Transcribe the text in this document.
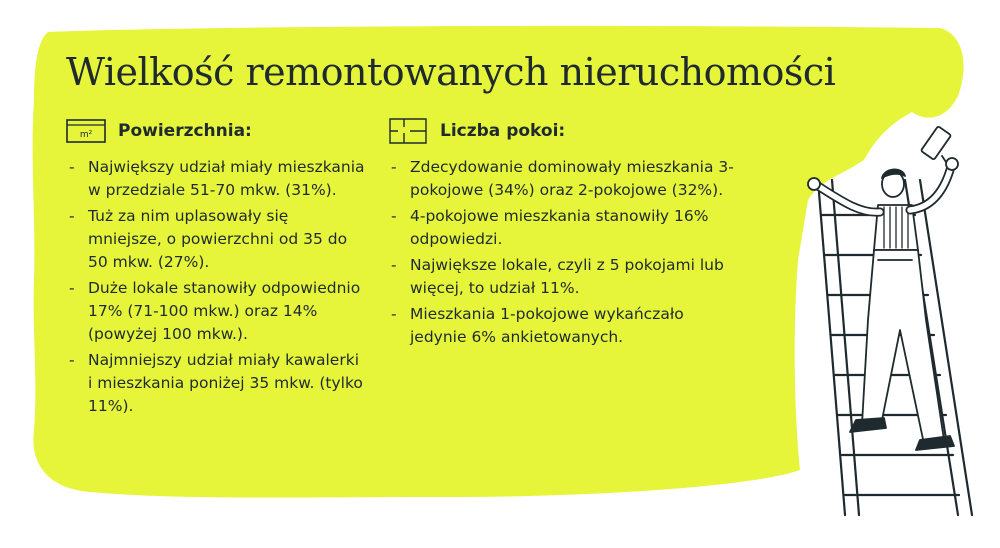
Wielkość remontowanych nieruchomości
m² Powierzchnia:
- Największy udział miały mieszkania w przedziale 51-70 mkw. (31%).
- Tuż za nim uplasowały się mniejsze, o powierzchni od 35 do 50 mkw. (27%).
- Duże lokale stanowiły odpowiednio 17% (71-100 mkw.) oraz 14% (powyżej 100 mkw.).
- Najmniejszy udział miały kawalerki i mieszkania poniżej 35 mkw. (tylko 11%).
Liczba pokoi:
- Zdecydowanie dominowały mieszkania 3-pokojowe (34%) oraz 2-pokojowe (32%).
- 4-pokojowe mieszkania stanowiły 16% odpowiedzi.
- Największe lokale, czyli z 5 pokojami lub więcej, to udział 11%.
- Mieszkania 1-pokojowe wykańczało jedynie 6% ankietowanych.
